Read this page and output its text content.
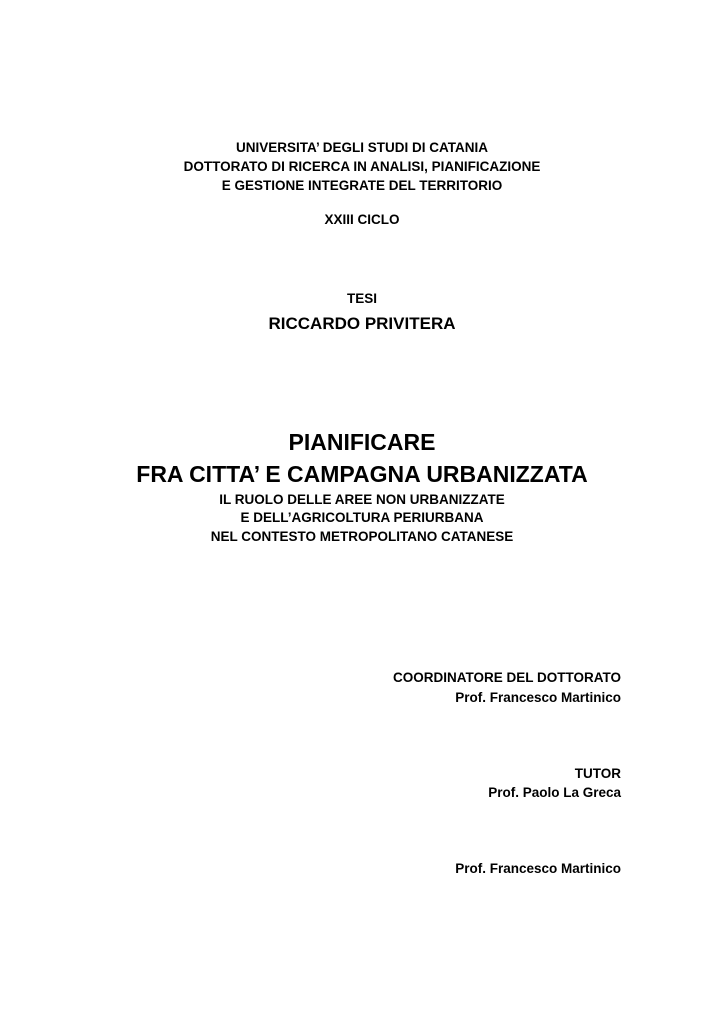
UNIVERSITA’ DEGLI STUDI DI CATANIA
DOTTORATO DI RICERCA IN ANALISI, PIANIFICAZIONE
E GESTIONE INTEGRATE DEL TERRITORIO
XXIII CICLO
TESI
RICCARDO PRIVITERA
PIANIFICARE
FRA CITTA’ E CAMPAGNA URBANIZZATA
IL RUOLO DELLE AREE NON URBANIZZATE
E DELL’AGRICOLTURA PERIURBANA
NEL CONTESTO METROPOLITANO CATANESE
COORDINATORE DEL DOTTORATO
Prof. Francesco Martinico
TUTOR
Prof. Paolo La Greca
Prof. Francesco Martinico
